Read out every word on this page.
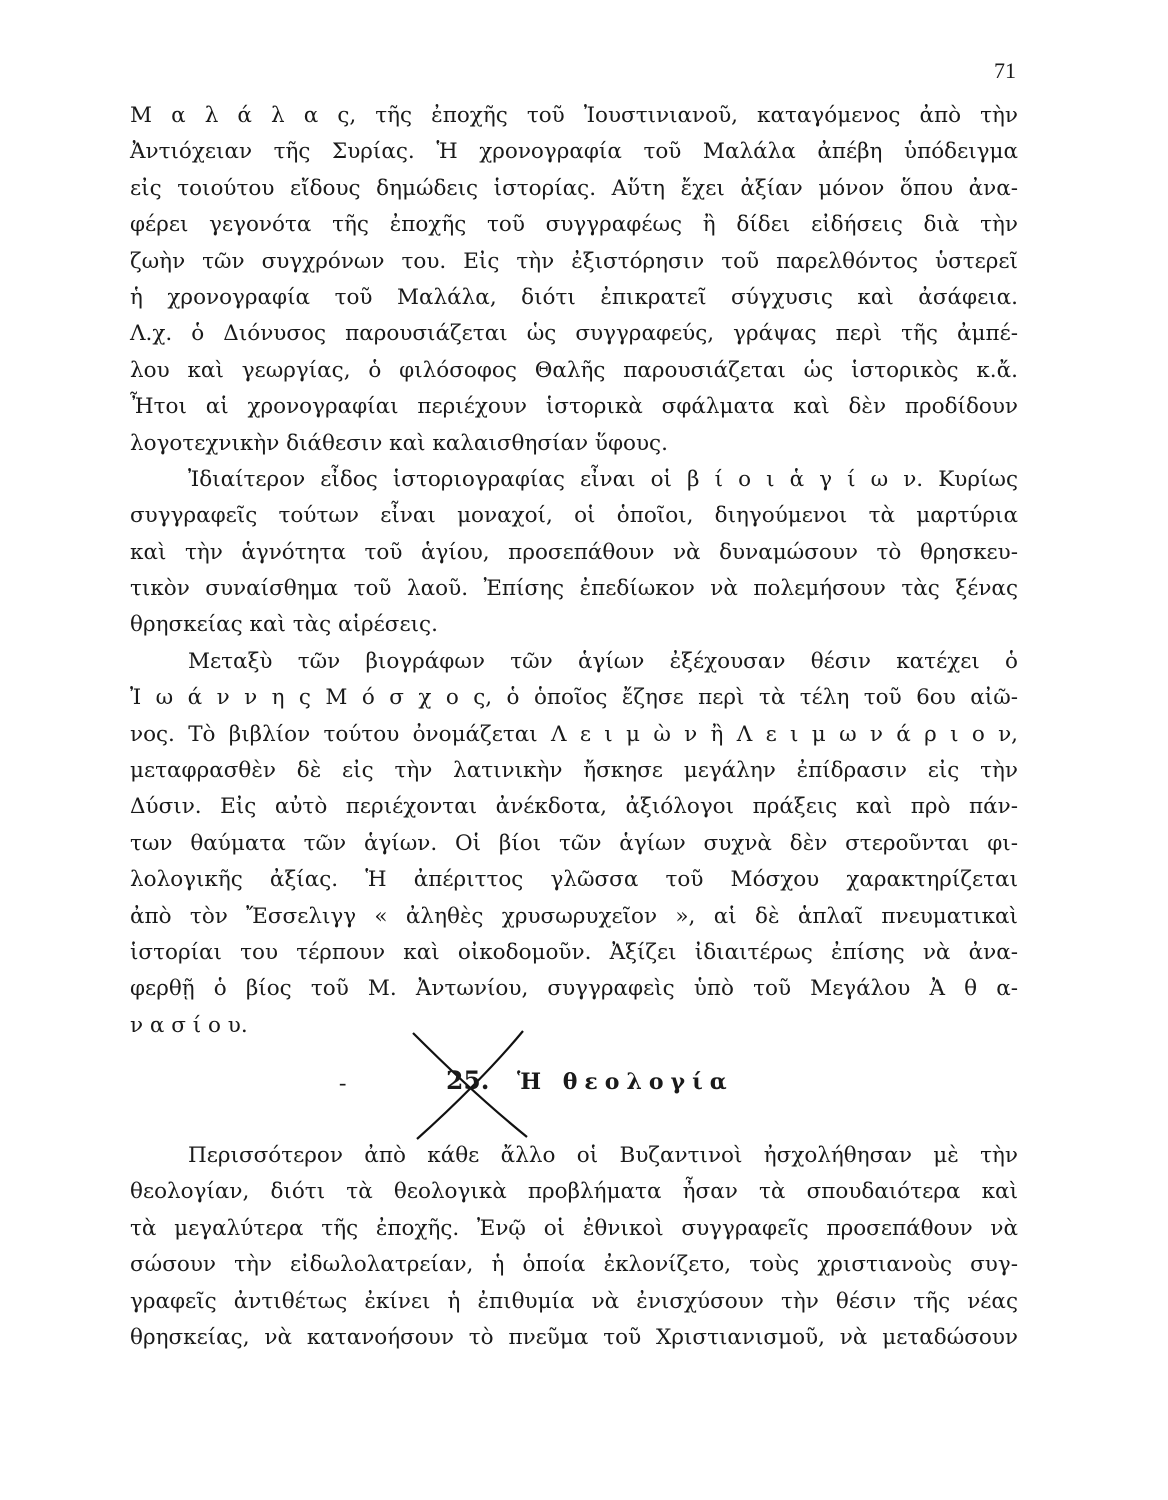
71
Μ α λ ά λ α ς, τῆς ἐποχῆς τοῦ Ἰουστινιανοῦ, καταγόμενος ἀπὸ τὴν
Ἀντιόχειαν τῆς Συρίας. Ἡ χρονογραφία τοῦ Μαλάλα ἀπέβη ὑπόδειγμα
εἰς τοιούτου εἴδους δημώδεις ἱστορίας. Αὕτη ἔχει ἀξίαν μόνον ὅπου ἀνα-
φέρει γεγονότα τῆς ἐποχῆς τοῦ συγγραφέως ἢ δίδει εἰδήσεις διὰ τὴν
ζωὴν τῶν συγχρόνων του. Εἰς τὴν ἐξιστόρησιν τοῦ παρελθόντος ὑστερεῖ
ἡ χρονογραφία τοῦ Μαλάλα, διότι ἐπικρατεῖ σύγχυσις καὶ ἀσάφεια.
Λ.χ. ὁ Διόνυσος παρουσιάζεται ὡς συγγραφεύς, γράψας περὶ τῆς ἀμπέ-
λου καὶ γεωργίας, ὁ φιλόσοφος Θαλῆς παρουσιάζεται ὡς ἱστορικὸς κ.ἄ.
Ἦτοι αἱ χρονογραφίαι περιέχουν ἱστορικὰ σφάλματα καὶ δὲν προδίδουν
λογοτεχνικὴν διάθεσιν καὶ καλαισθησίαν ὕφους.
Ἰδιαίτερον εἶδος ἱστοριογραφίας εἶναι οἱ β ί ο ι ἁ γ ί ω ν. Κυρίως
συγγραφεῖς τούτων εἶναι μοναχοί, οἱ ὁποῖοι, διηγούμενοι τὰ μαρτύρια
καὶ τὴν ἁγνότητα τοῦ ἁγίου, προσεπάθουν νὰ δυναμώσουν τὸ θρησκευ-
τικὸν συναίσθημα τοῦ λαοῦ. Ἐπίσης ἐπεδίωκον νὰ πολεμήσουν τὰς ξένας
θρησκείας καὶ τὰς αἱρέσεις.
Μεταξὺ τῶν βιογράφων τῶν ἁγίων ἐξέχουσαν θέσιν κατέχει ὁ
Ἰ ω ά ν ν η ς Μ ό σ χ ο ς, ὁ ὁποῖος ἔζησε περὶ τὰ τέλη τοῦ 6ου αἰῶ-
νος. Τὸ βιβλίον τούτου ὀνομάζεται Λ ε ι μ ὼ ν ἢ Λ ε ι μ ω ν ά ρ ι ο ν,
μεταφρασθὲν δὲ εἰς τὴν λατινικὴν ἤσκησε μεγάλην ἐπίδρασιν εἰς τὴν
Δύσιν. Εἰς αὐτὸ περιέχονται ἀνέκδοτα, ἀξιόλογοι πράξεις καὶ πρὸ πάν-
των θαύματα τῶν ἁγίων. Οἱ βίοι τῶν ἁγίων συχνὰ δὲν στεροῦνται φι-
λολογικῆς ἀξίας. Ἡ ἀπέριττος γλῶσσα τοῦ Μόσχου χαρακτηρίζεται
ἀπὸ τὸν Ἔσσελιγγ « ἀληθὲς χρυσωρυχεῖον », αἱ δὲ ἁπλαῖ πνευματικαὶ
ἱστορίαι του τέρπουν καὶ οἰκοδομοῦν. Ἀξίζει ἰδιαιτέρως ἐπίσης νὰ ἀνα-
φερθῇ ὁ βίος τοῦ Μ. Ἀντωνίου, συγγραφεὶς ὑπὸ τοῦ Μεγάλου Ἀ θ α-
ν α σ ί ο υ.
-	25. Ἡ θεολογία
Περισσότερον ἀπὸ κάθε ἄλλο οἱ Βυζαντινοὶ ἠσχολήθησαν μὲ τὴν
θεολογίαν, διότι τὰ θεολογικὰ προβλήματα ἦσαν τὰ σπουδαιότερα καὶ
τὰ μεγαλύτερα τῆς ἐποχῆς. Ἐνῷ οἱ ἐθνικοὶ συγγραφεῖς προσεπάθουν νὰ
σώσουν τὴν εἰδωλολατρείαν, ἡ ὁποία ἐκλονίζετο, τοὺς χριστιανοὺς συγ-
γραφεῖς ἀντιθέτως ἐκίνει ἡ ἐπιθυμία νὰ ἐνισχύσουν τὴν θέσιν τῆς νέας
θρησκείας, νὰ κατανοήσουν τὸ πνεῦμα τοῦ Χριστιανισμοῦ, νὰ μεταδώσουν
